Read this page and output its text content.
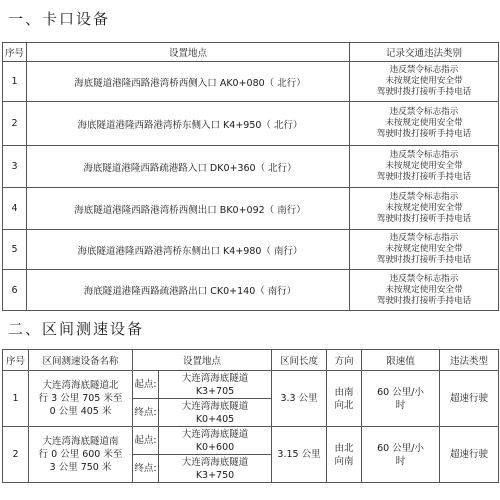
一、卡口设备
序号	设置地点	记录交通违法类别
1	海底隧道港隆西路港湾桥西侧入口 AK0+080（ 北行）	违反禁令标志指示
未按规定使用安全带
驾驶时拨打接听手持电话

2	海底隧道港隆西路港湾桥东侧入口 K4+950（ 北行）	违反禁令标志指示
未按规定使用安全带
驾驶时拨打接听手持电话

3	海底隧道港隆西路疏港路入口 DK0+360（ 北行）	违反禁令标志指示
未按规定使用安全带
驾驶时拨打接听手持电话

4	海底隧道港隆西路港湾桥西侧出口 BK0+092（ 南行）	违反禁令标志指示
未按规定使用安全带
驾驶时拨打接听手持电话

5	海底隧道港隆西路港湾桥东侧出口 K4+980（ 南行）	违反禁令标志指示
未按规定使用安全带
驾驶时拨打接听手持电话

6	海底隧道港隆西路疏港路出口 CK0+140（ 南行）	违反禁令标志指示
未按规定使用安全带
驾驶时拨打接听手持电话
二、区间测速设备
序号	区间测速设备名称	设置地点		区间长度	方向	限速值	违法类型
1	大连湾海底隧道北
行 3 公里 705 米至
0 公里 405 米	起点:	大连湾海底隧道
K3+705	3.3 公里	由南
向北	60 公里/小
时	超速行驶
		终点:	大连湾海底隧道
K0+405				

2	大连湾海底隧道南
行 0 公里 600 米至
3 公里 750 米	起点:	大连湾海底隧道
K0+600	3.15 公里	由北
向南	60 公里/小
时	超速行驶
		终点:	大连湾海底隧道
K3+750				
